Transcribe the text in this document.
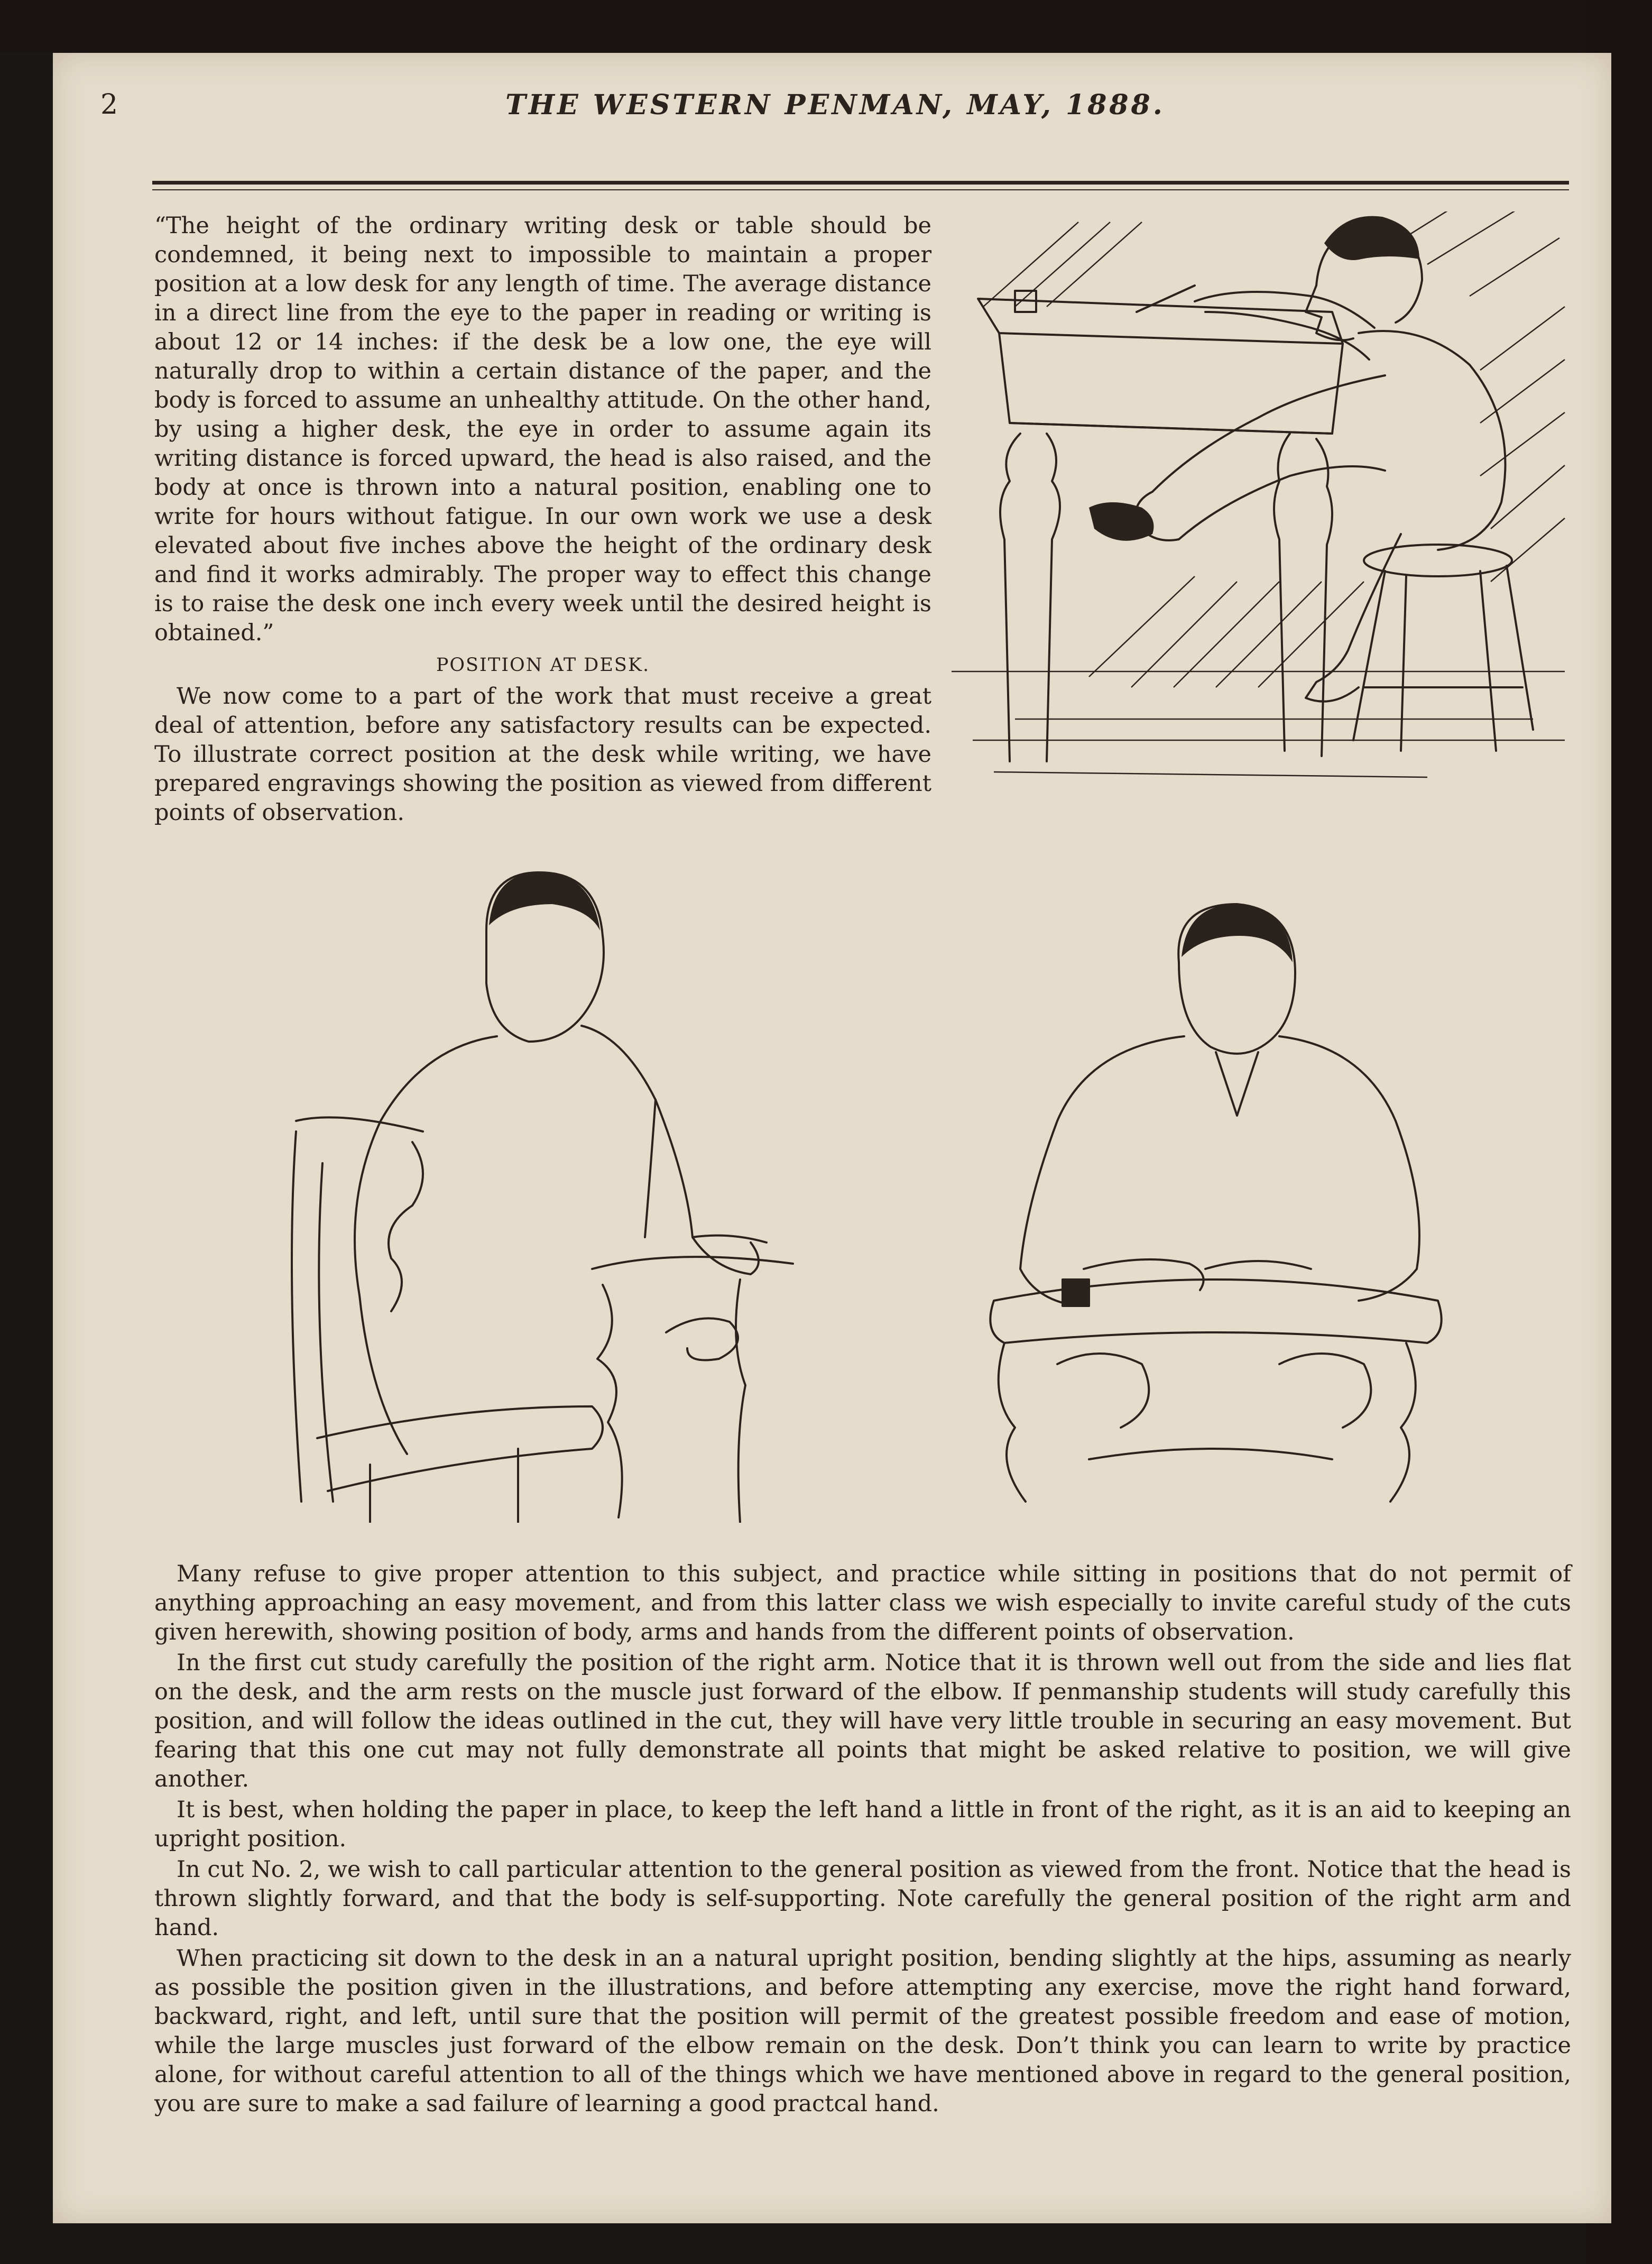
2	THE WESTERN PENMAN, MAY, 1888.

“The height of the ordinary writing desk or table should be condemned, it being next to impossible to maintain a proper position at a low desk for any length of time. The average distance in a direct line from the eye to the paper in reading or writing is about 12 or 14 inches: if the desk be a low one, the eye will naturally drop to within a certain distance of the paper, and the body is forced to assume an unhealthy attitude. On the other hand, by using a higher desk, the eye in order to assume again its writing distance is forced upward, the head is also raised, and the body at once is thrown into a natural position, enabling one to write for hours without fatigue. In our own work we use a desk elevated about five inches above the height of the ordinary desk and find it works admirably. The proper way to effect this change is to raise the desk one inch every week until the desired height is obtained.”

POSITION AT DESK.

We now come to a part of the work that must receive a great deal of attention, before any satisfactory results can be expected. To illustrate correct position at the desk while writing, we have prepared engravings showing the position as viewed from different points of observation.

Many refuse to give proper attention to this subject, and practice while sitting in positions that do not permit of anything approaching an easy movement, and from this latter class we wish especially to invite careful study of the cuts given herewith, showing position of body, arms and hands from the different points of observation.

In the first cut study carefully the position of the right arm. Notice that it is thrown well out from the side and lies flat on the desk, and the arm rests on the muscle just forward of the elbow. If penmanship students will study carefully this position, and will follow the ideas outlined in the cut, they will have very little trouble in securing an easy movement. But fearing that this one cut may not fully demonstrate all points that might be asked relative to position, we will give another.

It is best, when holding the paper in place, to keep the left hand a little in front of the right, as it is an aid to keeping an upright position.

In cut No. 2, we wish to call particular attention to the general position as viewed from the front. Notice that the head is thrown slightly forward, and that the body is self-supporting. Note carefully the general position of the right arm and hand.

When practicing sit down to the desk in an a natural upright position, bending slightly at the hips, assuming as nearly as possible the position given in the illustrations, and before attempting any exercise, move the right hand forward, backward, right, and left, until sure that the position will permit of the greatest possible freedom and ease of motion, while the large muscles just forward of the elbow remain on the desk. Don’t think you can learn to write by practice alone, for without careful attention to all of the things which we have mentioned above in regard to the general position, you are sure to make a sad failure of learning a good practcal hand.
